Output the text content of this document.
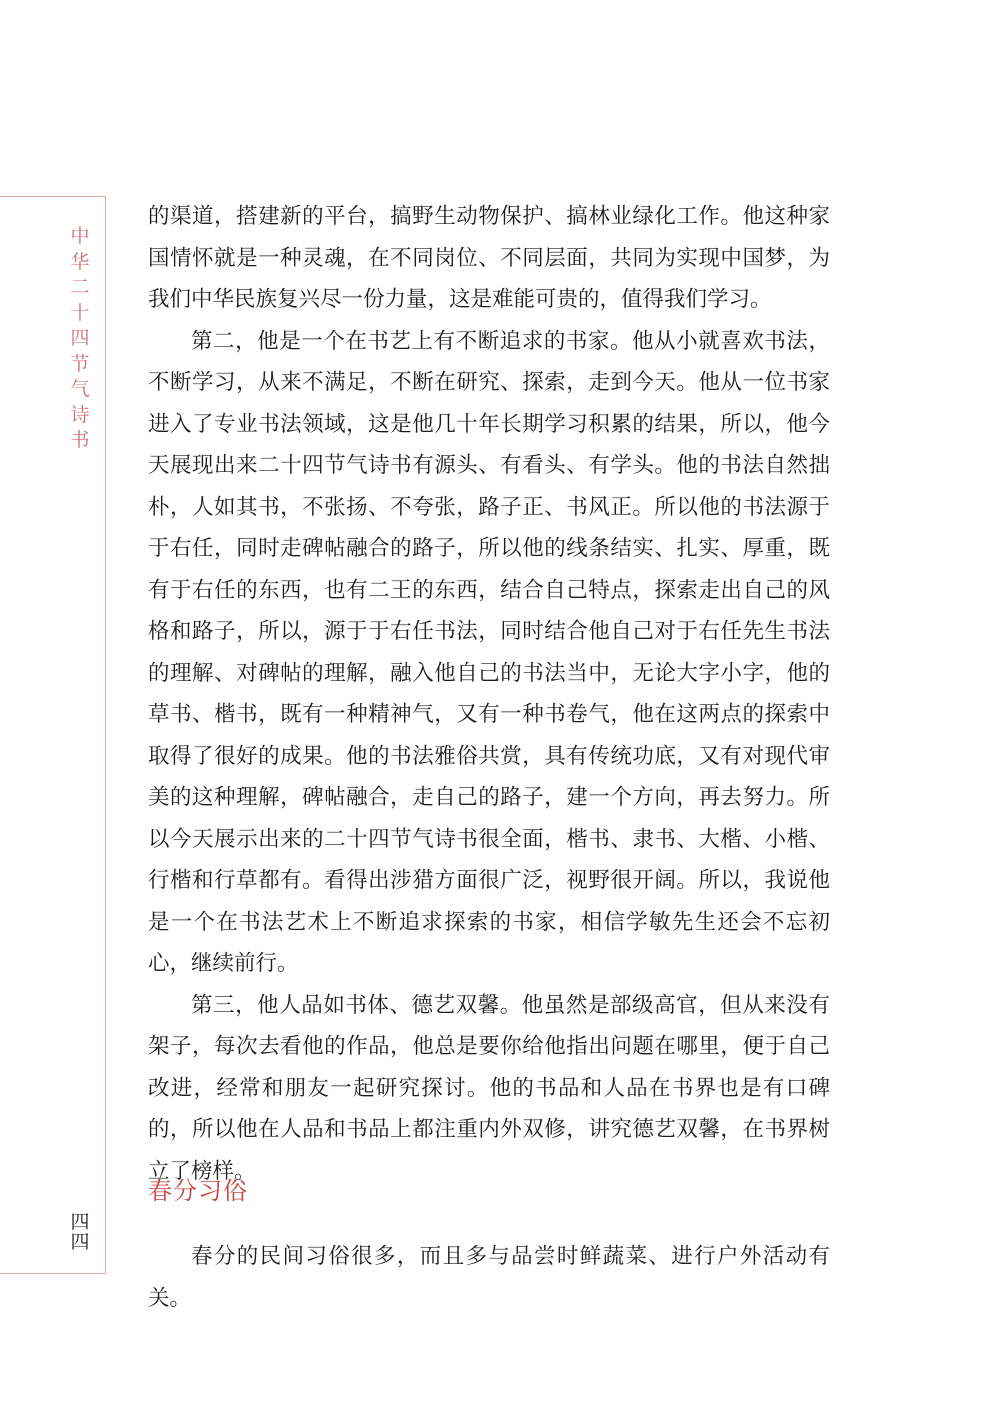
中华二十四节气诗书
四四

的渠道，搭建新的平台，搞野生动物保护、搞林业绿化工作。他这种家国情怀就是一种灵魂，在不同岗位、不同层面，共同为实现中国梦，为我们中华民族复兴尽一份力量，这是难能可贵的，值得我们学习。

第二，他是一个在书艺上有不断追求的书家。他从小就喜欢书法，不断学习，从来不满足，不断在研究、探索，走到今天。他从一位书家进入了专业书法领域，这是他几十年长期学习积累的结果，所以，他今天展现出来二十四节气诗书有源头、有看头、有学头。他的书法自然拙朴，人如其书，不张扬、不夸张，路子正、书风正。所以他的书法源于于右任，同时走碑帖融合的路子，所以他的线条结实、扎实、厚重，既有于右任的东西，也有二王的东西，结合自己特点，探索走出自己的风格和路子，所以，源于于右任书法，同时结合他自己对于右任先生书法的理解、对碑帖的理解，融入他自己的书法当中，无论大字小字，他的草书、楷书，既有一种精神气，又有一种书卷气，他在这两点的探索中取得了很好的成果。他的书法雅俗共赏，具有传统功底，又有对现代审美的这种理解，碑帖融合，走自己的路子，建一个方向，再去努力。所以今天展示出来的二十四节气诗书很全面，楷书、隶书、大楷、小楷、行楷和行草都有。看得出涉猎方面很广泛，视野很开阔。所以，我说他是一个在书法艺术上不断追求探索的书家，相信学敏先生还会不忘初心，继续前行。

第三，他人品如书体、德艺双馨。他虽然是部级高官，但从来没有架子，每次去看他的作品，他总是要你给他指出问题在哪里，便于自己改进，经常和朋友一起研究探讨。他的书品和人品在书界也是有口碑的，所以他在人品和书品上都注重内外双修，讲究德艺双馨，在书界树立了榜样。

春分习俗

春分的民间习俗很多，而且多与品尝时鲜蔬菜、进行户外活动有关。
